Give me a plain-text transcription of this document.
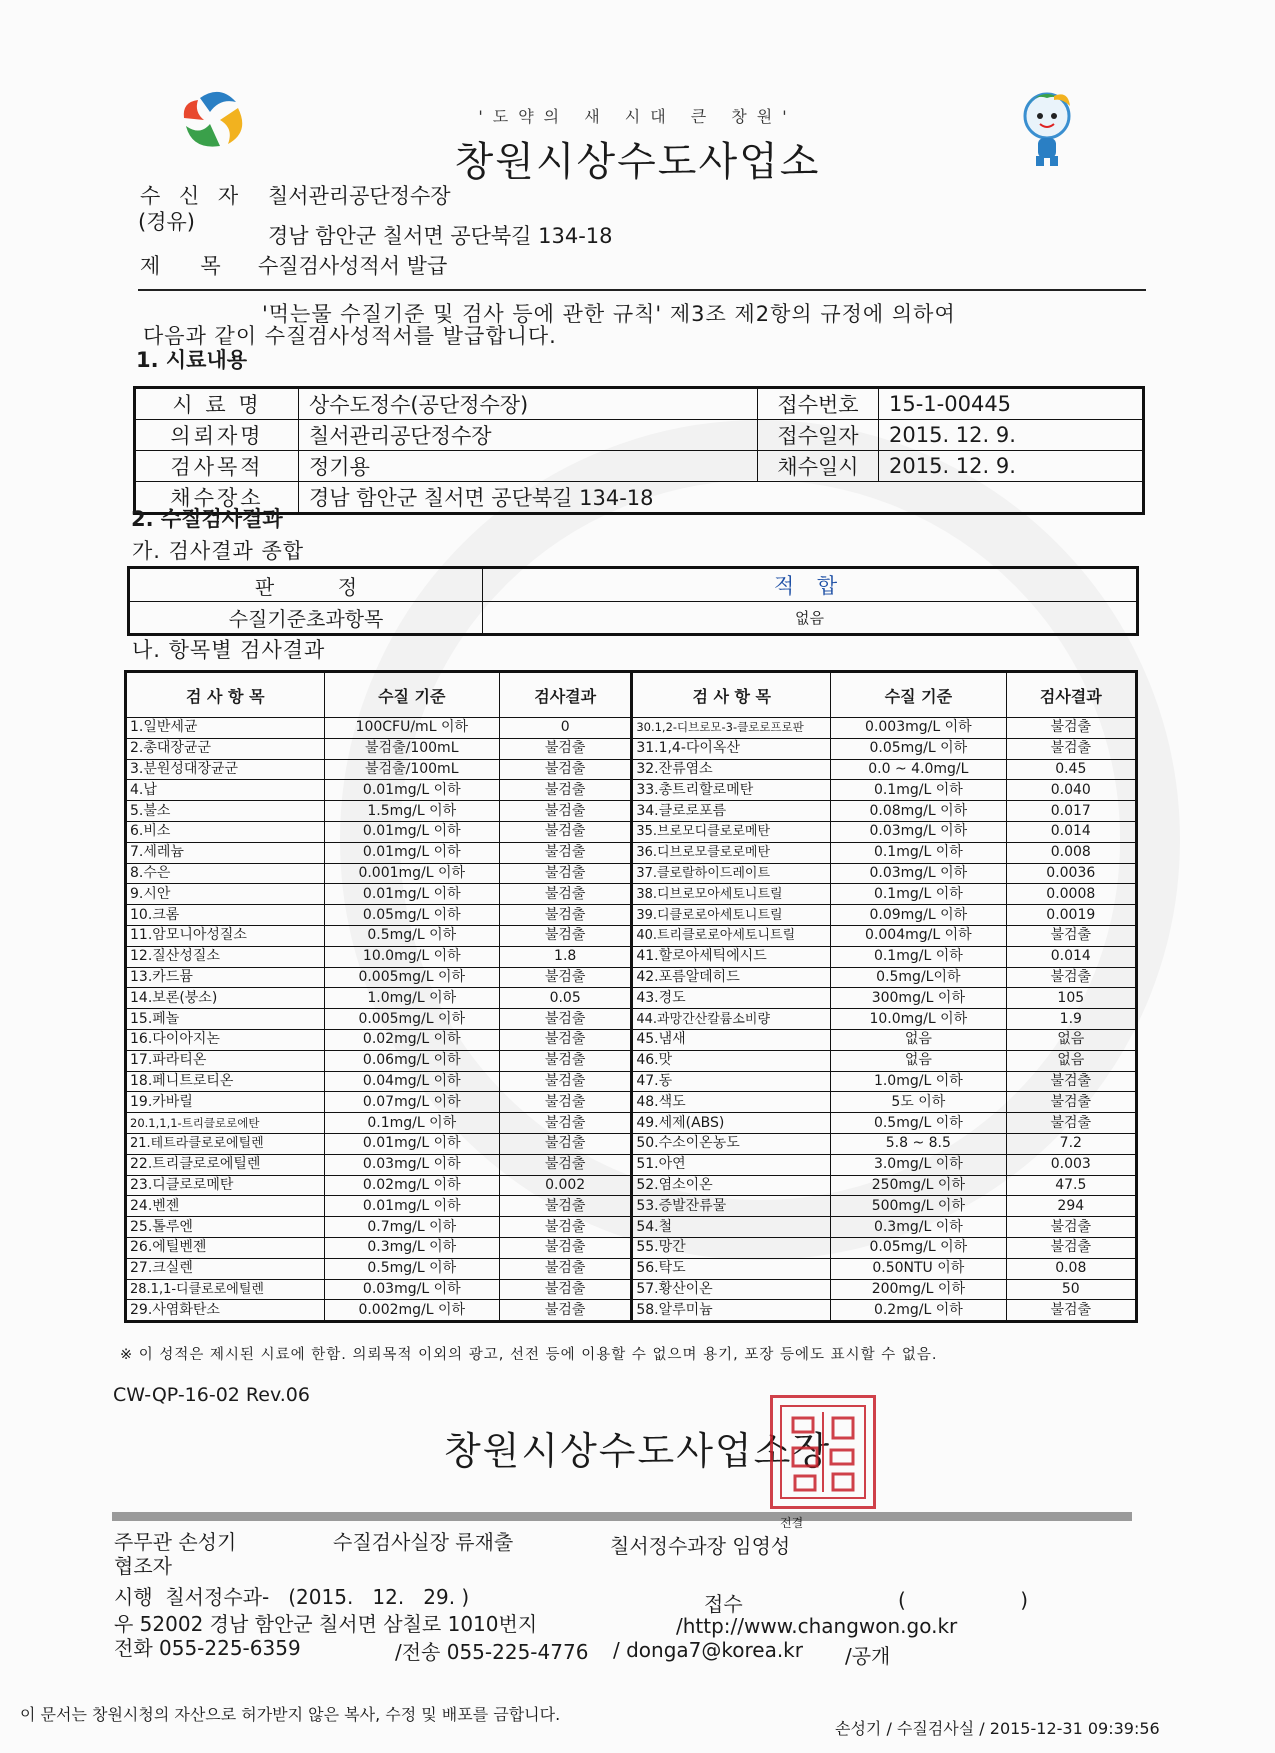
'도약의 새 시대 큰 창원'
창원시상수도사업소
수 신 자 칠서관리공단정수장
(경유)
경남 함안군 칠서면 공단북길 134-18
제      목 수질검사성적서 발급
'먹는물 수질기준 및 검사 등에 관한 규칙' 제3조 제2항의 규정에 의하여
다음과 같이 수질검사성적서를 발급합니다.
1. 시료내용
시 료 명	상수도정수(공단정수장)	접수번호	15-1-00445
의뢰자명	칠서관리공단정수장	접수일자	2015. 12. 9.
검사목적	정기용	채수일시	2015. 12. 9.
채수장소	경남 함안군 칠서면 공단북길 134-18		
2. 수질검사결과
가. 검사결과 종합
판          정	적 합
수질기준초과항목	없음
나. 항목별 검사결과
검 사 항 목	수질 기준	검사결과	검 사 항 목	수질 기준	검사결과
1.일반세균	100CFU/mL 이하	0	30.1,2-디브로모-3-클로로프로판	0.003mg/L 이하	불검출
2.총대장균군	불검출/100mL	불검출	31.1,4-다이옥산	0.05mg/L 이하	불검출
3.분원성대장균군	불검출/100mL	불검출	32.잔류염소	0.0 ~ 4.0mg/L	0.45
4.납	0.01mg/L 이하	불검출	33.총트리할로메탄	0.1mg/L 이하	0.040
5.불소	1.5mg/L 이하	불검출	34.클로로포름	0.08mg/L 이하	0.017
6.비소	0.01mg/L 이하	불검출	35.브로모디클로로메탄	0.03mg/L 이하	0.014
7.세레늄	0.01mg/L 이하	불검출	36.디브로모클로로메탄	0.1mg/L 이하	0.008
8.수은	0.001mg/L 이하	불검출	37.클로랄하이드레이트	0.03mg/L 이하	0.0036
9.시안	0.01mg/L 이하	불검출	38.디브로모아세토니트릴	0.1mg/L 이하	0.0008
10.크롬	0.05mg/L 이하	불검출	39.디클로로아세토니트릴	0.09mg/L 이하	0.0019
11.암모니아성질소	0.5mg/L 이하	불검출	40.트리클로로아세토니트릴	0.004mg/L 이하	불검출
12.질산성질소	10.0mg/L 이하	1.8	41.할로아세틱에시드	0.1mg/L 이하	0.014
13.카드뮴	0.005mg/L 이하	불검출	42.포름알데히드	0.5mg/L이하	불검출
14.보론(붕소)	1.0mg/L 이하	0.05	43.경도	300mg/L 이하	105
15.페놀	0.005mg/L 이하	불검출	44.과망간산칼륨소비량	10.0mg/L 이하	1.9
16.다이아지논	0.02mg/L 이하	불검출	45.냄새	없음	없음
17.파라티온	0.06mg/L 이하	불검출	46.맛	없음	없음
18.페니트로티온	0.04mg/L 이하	불검출	47.동	1.0mg/L 이하	불검출
19.카바릴	0.07mg/L 이하	불검출	48.색도	5도 이하	불검출
20.1,1,1-트리클로로에탄	0.1mg/L 이하	불검출	49.세제(ABS)	0.5mg/L 이하	불검출
21.테트라클로로에틸렌	0.01mg/L 이하	불검출	50.수소이온농도	5.8 ~ 8.5	7.2
22.트리클로로에틸렌	0.03mg/L 이하	불검출	51.아연	3.0mg/L 이하	0.003
23.디클로로메탄	0.02mg/L 이하	0.002	52.염소이온	250mg/L 이하	47.5
24.벤젠	0.01mg/L 이하	불검출	53.증발잔류물	500mg/L 이하	294
25.톨루엔	0.7mg/L 이하	불검출	54.철	0.3mg/L 이하	불검출
26.에틸벤젠	0.3mg/L 이하	불검출	55.망간	0.05mg/L 이하	불검출
27.크실렌	0.5mg/L 이하	불검출	56.탁도	0.50NTU 이하	0.08
28.1,1-디클로로에틸렌	0.03mg/L 이하	불검출	57.황산이온	200mg/L 이하	50
29.사염화탄소	0.002mg/L 이하	불검출	58.알루미늄	0.2mg/L 이하	불검출
※ 이 성적은 제시된 시료에 한함. 의뢰목적 이외의 광고, 선전 등에 이용할 수 없으며 용기, 포장 등에도 표시할 수 없음.
CW-QP-16-02 Rev.06
창원시상수도사업소장
주무관 손성기	수질검사실장 류재출
전결
칠서정수과장 임영성
협조자
시행  칠서정수과-   (2015.   12.   29. )	접수	(                  )
우 52002 경남 함안군 칠서면 삼칠로 1010번지	/http://www.changwon.go.kr
전화 055-225-6359	/전송 055-225-4776 / donga7@korea.kr /공개
이 문서는 창원시청의 자산으로 허가받지 않은 복사, 수정 및 배포를 금합니다.
손성기 / 수질검사실 / 2015-12-31 09:39:56
